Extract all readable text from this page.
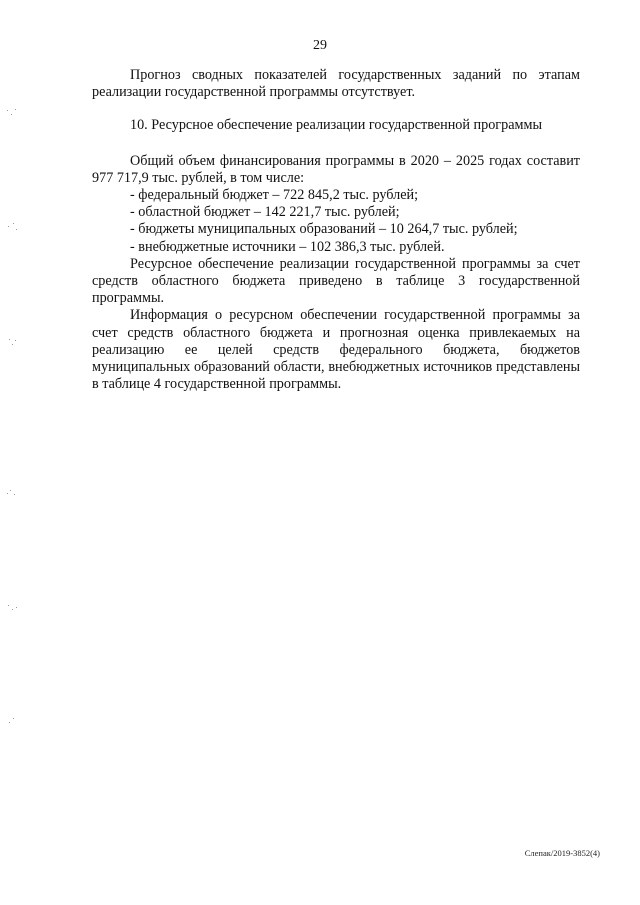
29

Прогноз сводных показателей государственных заданий по этапам реализации государственной программы отсутствует.

10. Ресурсное обеспечение реализации государственной программы

Общий объем финансирования программы в 2020 – 2025 годах составит 977 717,9 тыс. рублей, в том числе:

- федеральный бюджет – 722 845,2 тыс. рублей;
- областной бюджет – 142 221,7 тыс. рублей;
- бюджеты муниципальных образований – 10 264,7 тыс. рублей;
- внебюджетные источники – 102 386,3 тыс. рублей.

Ресурсное обеспечение реализации государственной программы за счет средств областного бюджета приведено в таблице 3 государственной программы.

Информация о ресурсном обеспечении государственной программы за счет средств областного бюджета и прогнозная оценка привлекаемых на реализацию ее целей средств федерального бюджета, бюджетов муниципальных образований области, внебюджетных источников представлены в таблице 4 государственной программы.

Слепак/2019-3852(4)
